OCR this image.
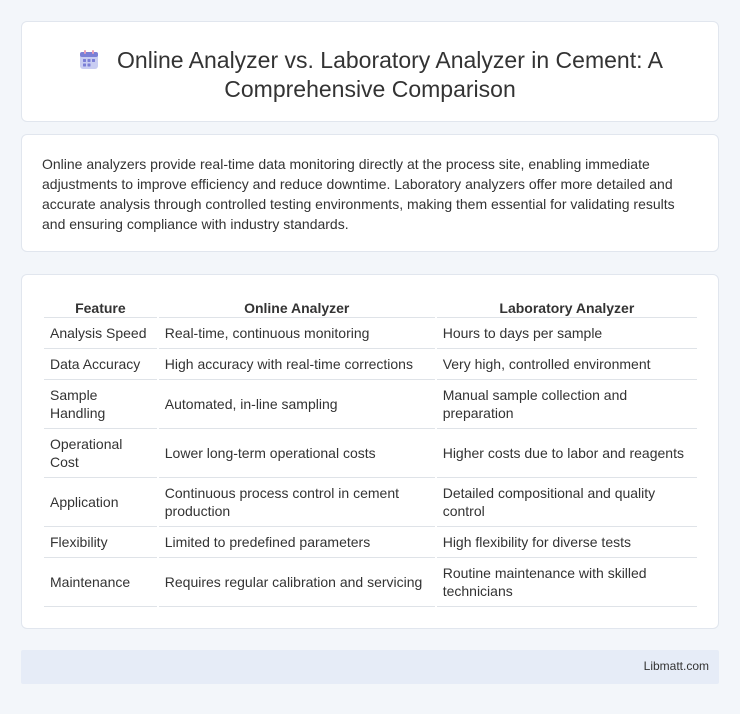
Online Analyzer vs. Laboratory Analyzer in Cement: A
Comprehensive Comparison

Online analyzers provide real-time data monitoring directly at the process site, enabling immediate adjustments to improve efficiency and reduce downtime. Laboratory analyzers offer more detailed and accurate analysis through controlled testing environments, making them essential for validating results and ensuring compliance with industry standards.

Feature	Online Analyzer	Laboratory Analyzer
Analysis Speed	Real-time, continuous monitoring	Hours to days per sample
Data Accuracy	High accuracy with real-time corrections	Very high, controlled environment
Sample Handling	Automated, in-line sampling	Manual sample collection and preparation
Operational Cost	Lower long-term operational costs	Higher costs due to labor and reagents
Application	Continuous process control in cement production	Detailed compositional and quality control
Flexibility	Limited to predefined parameters	High flexibility for diverse tests
Maintenance	Requires regular calibration and servicing	Routine maintenance with skilled technicians
Libmatt.com
